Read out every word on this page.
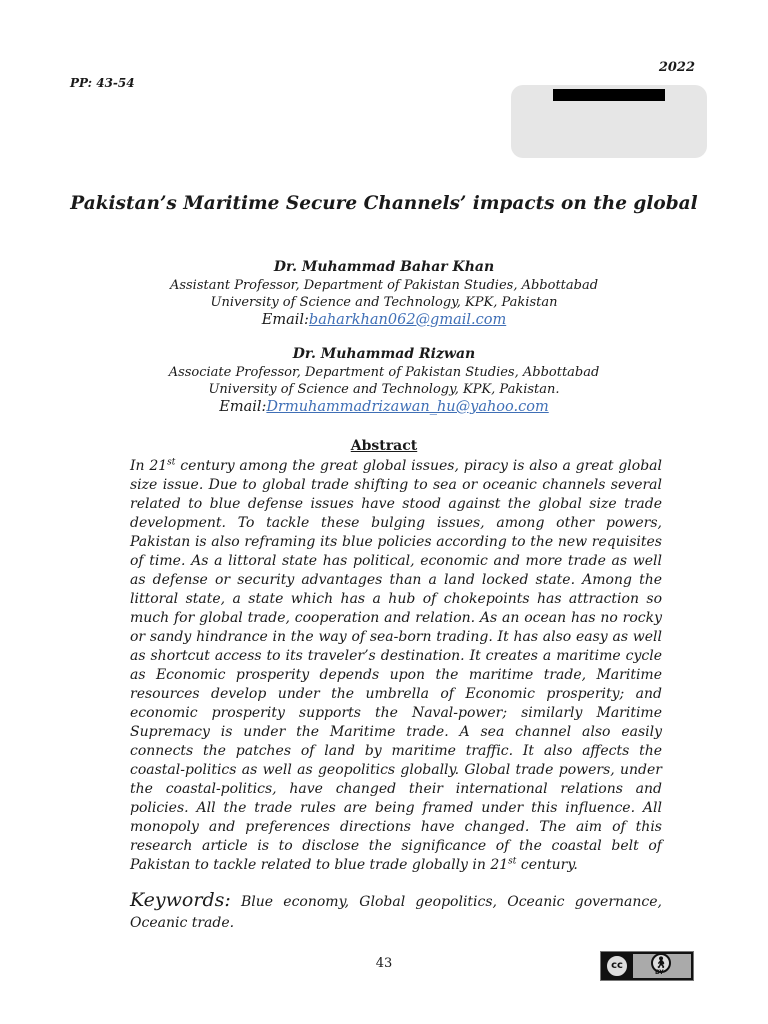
2022
PP: 43-54
Pakistan’s Maritime Secure Channels’ impacts on the global
Dr. Muhammad Bahar Khan
Assistant Professor, Department of Pakistan Studies, Abbottabad
University of Science and Technology, KPK, Pakistan
Email:baharkhan062@gmail.com
Dr. Muhammad Rizwan
Associate Professor, Department of Pakistan Studies, Abbottabad
University of Science and Technology, KPK, Pakistan.
Email:Drmuhammadrizawan_hu@yahoo.com
Abstract
In 21st century among the great global issues, piracy is also a great global size issue. Due to global trade shifting to sea or oceanic channels several related to blue defense issues have stood against the global size trade development. To tackle these bulging issues, among other powers, Pakistan is also reframing its blue policies according to the new requisites of time. As a littoral state has political, economic and more trade as well as defense or security advantages than a land locked state. Among the littoral state, a state which has a hub of chokepoints has attraction so much for global trade, cooperation and relation. As an ocean has no rocky or sandy hindrance in the way of sea-born trading. It has also easy as well as shortcut access to its traveler’s destination. It creates a maritime cycle as Economic prosperity depends upon the maritime trade, Maritime resources develop under the umbrella of Economic prosperity; and economic prosperity supports the Naval-power; similarly Maritime Supremacy is under the Maritime trade. A sea channel also easily connects the patches of land by maritime traffic. It also affects the coastal-politics as well as geopolitics globally. Global trade powers, under the coastal-politics, have changed their international relations and policies. All the trade rules are being framed under this influence. All monopoly and preferences directions have changed. The aim of this research article is to disclose the significance of the coastal belt of Pakistan to tackle related to blue trade globally in 21st century.
Keywords: Blue economy, Global geopolitics, Oceanic governance, Oceanic trade.
43	cc	🚶︎
BY
